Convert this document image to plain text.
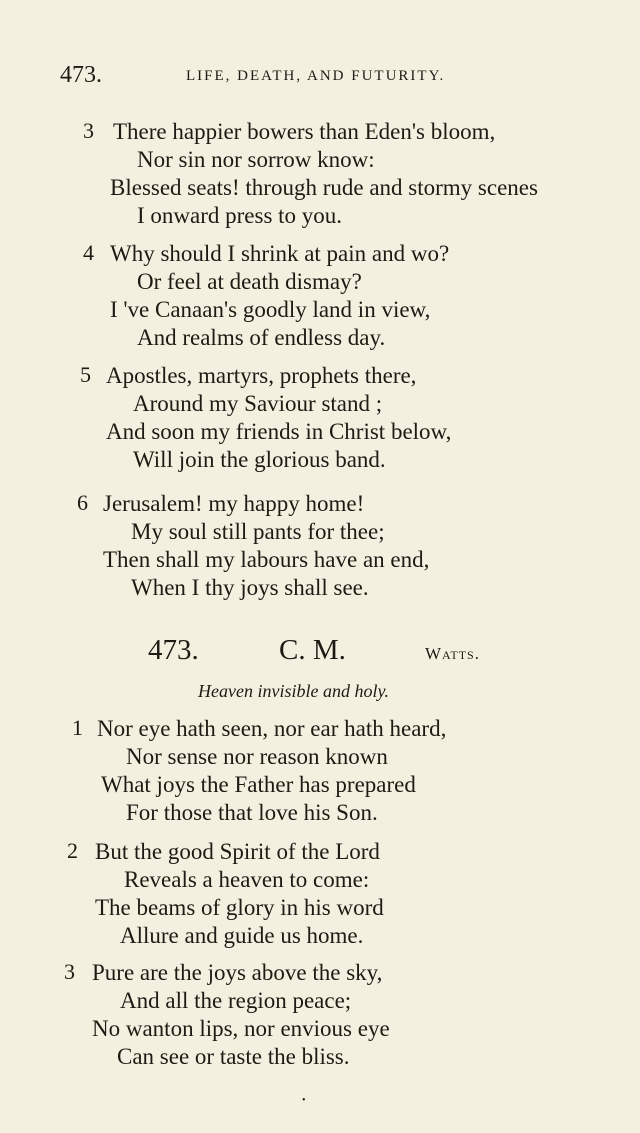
473.	LIFE, DEATH, AND FUTURITY.
3 There happier bowers than Eden's bloom,
Nor sin nor sorrow know:
Blessed seats! through rude and stormy scenes
I onward press to you.
4 Why should I shrink at pain and wo?
Or feel at death dismay?
I 've Canaan's goodly land in view,
And realms of endless day.
5 Apostles, martyrs, prophets there,
Around my Saviour stand ;
And soon my friends in Christ below,
Will join the glorious band.
6 Jerusalem! my happy home!
My soul still pants for thee;
Then shall my labours have an end,
When I thy joys shall see.
473.	C. M.	Watts.
Heaven invisible and holy.
1 Nor eye hath seen, nor ear hath heard,
Nor sense nor reason known
What joys the Father has prepared
For those that love his Son.
2 But the good Spirit of the Lord
Reveals a heaven to come:
The beams of glory in his word
Allure and guide us home.
3 Pure are the joys above the sky,
And all the region peace;
No wanton lips, nor envious eye
Can see or taste the bliss.
•
